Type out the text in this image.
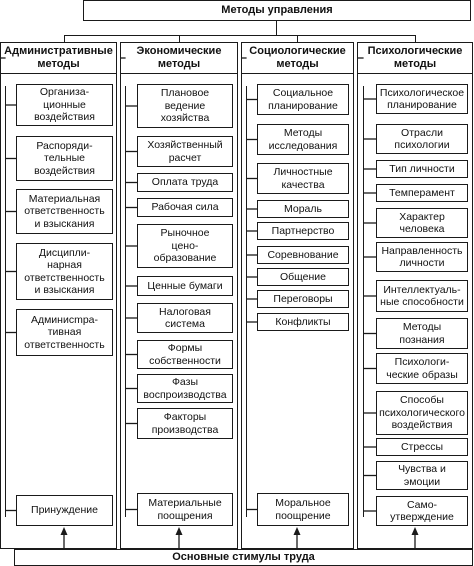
Методы управления
Административные
методы
Экономические
методы
Социологические
методы
Психологические
методы
Организа-
ционные
воздействия
Распоряди-
тельные
воздействия
Материальная
ответственность
и взыскания
Дисципли-
нарная
ответственность
и взыскания
Админисmpa-
тивная
ответственность
Плановое
ведение
хозяйства
Хозяйственный
расчет
Оплата труда
Рабочая сила
Рыночное
цено-
образование
Ценные бумаги
Налоговая
система
Формы
собственности
Фазы
воспроизводства
Факторы
производства
Социальное
планирование
Методы
исследования
Личностные
качества
Мораль
Партнерство
Соревнование
Общение
Переговоры
Конфликты
Психологическое
планирование
Отрасли
психологии
Тип личности
Темперамент
Характер
человека
Направленность
личности
Интеллектуаль-
ные способности
Методы
познания
Психологи-
ческие образы
Способы
психологического
воздействия
Стрессы
Чувства и
эмоции
Само-
утверждение
Принуждение
Материальные
поощрения
Моральное
поощрение
Основные стимулы труда
